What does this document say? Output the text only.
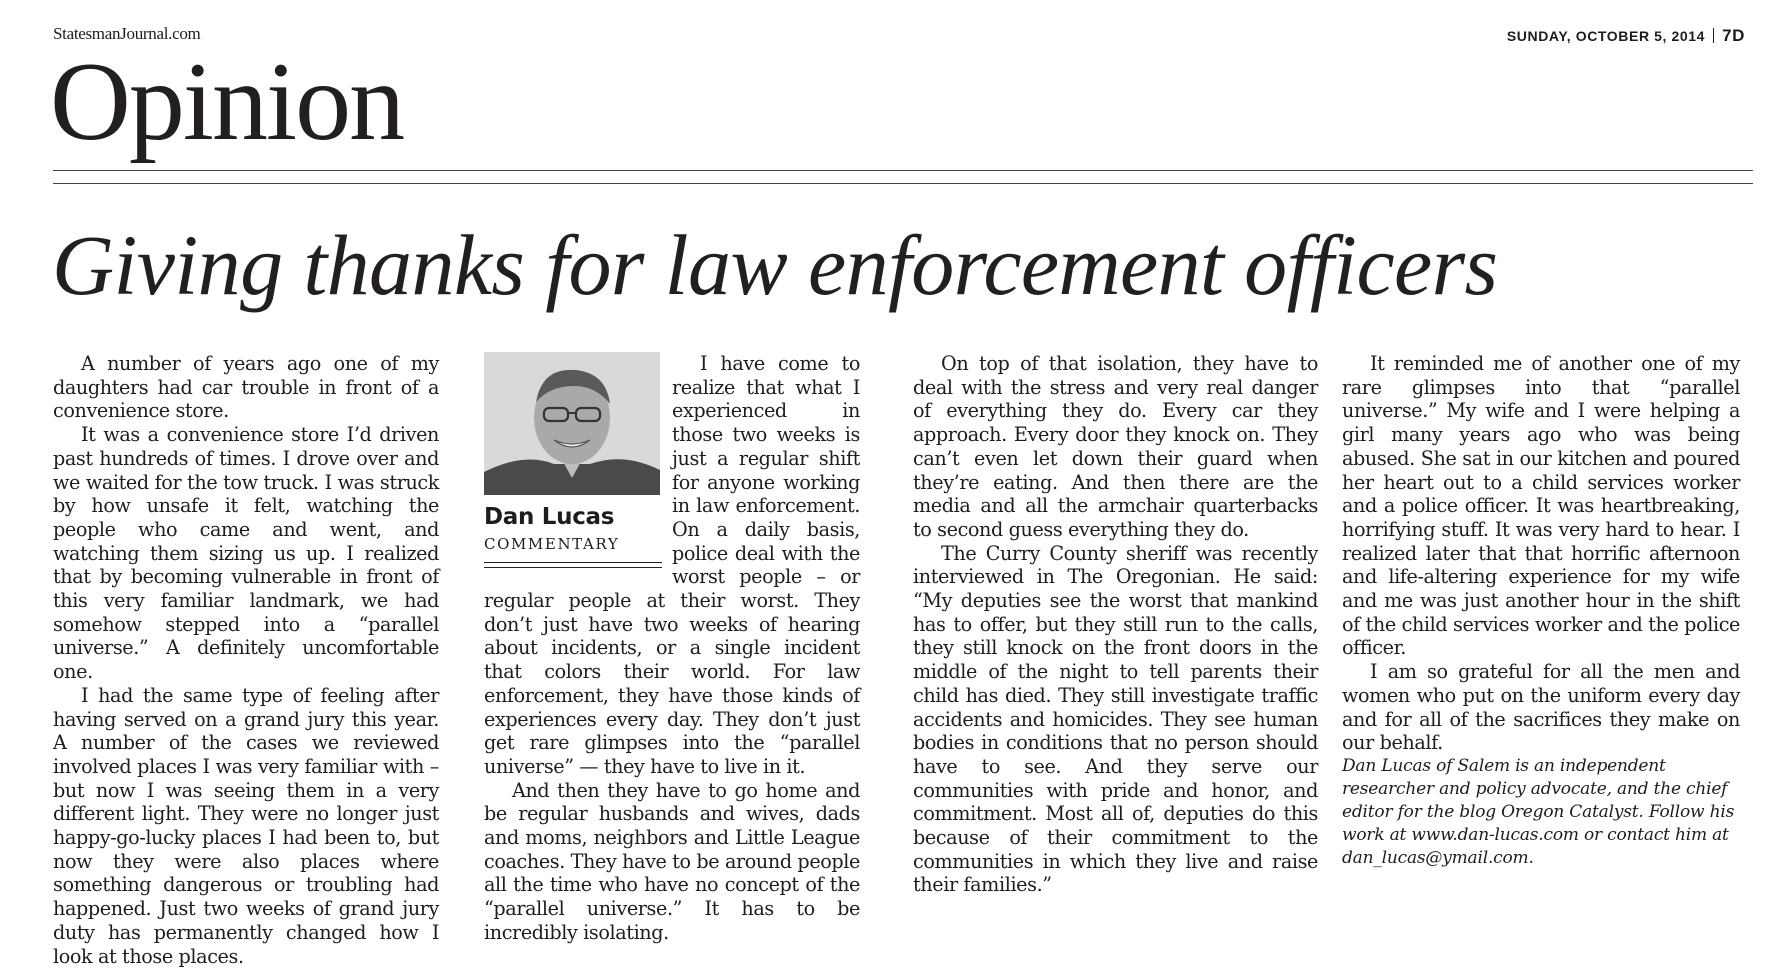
StatesmanJournal.com	SUNDAY, OCTOBER 5, 2014 7D
Opinion
Giving thanks for law enforcement officers

A number of years ago one of my daughters had car trouble in front of a convenience store.

It was a convenience store I’d driven past hundreds of times. I drove over and we waited for the tow truck. I was struck by how unsafe it felt, watching the people who came and went, and watching them sizing us up. I realized that by becoming vulnerable in front of this very familiar landmark, we had somehow stepped into a “parallel universe.” A definitely uncomfortable one.

I had the same type of feeling after having served on a grand jury this year. A number of the cases we reviewed involved places I was very familiar with – but now I was seeing them in a very different light. They were no longer just happy-go-lucky places I had been to, but now they were also places where something dangerous or troubling had happened. Just two weeks of grand jury duty has permanently changed how I look at those places.

Dan Lucas
COMMENTARY

I have come to realize that what I experienced in those two weeks is just a regular shift for anyone working in law enforcement. On a daily basis, police deal with the worst people – or regular people at their worst. They don’t just have two weeks of hearing about incidents, or a single incident that colors their world. For law enforcement, they have those kinds of experiences every day. They don’t just get rare glimpses into the “parallel universe” — they have to live in it.

And then they have to go home and be regular husbands and wives, dads and moms, neighbors and Little League coaches. They have to be around people all the time who have no concept of the “parallel universe.” It has to be incredibly isolating.

On top of that isolation, they have to deal with the stress and very real danger of everything they do. Every car they approach. Every door they knock on. They can’t even let down their guard when they’re eating. And then there are the media and all the armchair quarterbacks to second guess everything they do.

The Curry County sheriff was recently interviewed in The Oregonian. He said: “My deputies see the worst that mankind has to offer, but they still run to the calls, they still knock on the front doors in the middle of the night to tell parents their child has died. They still investigate traffic accidents and homicides. They see human bodies in conditions that no person should have to see. And they serve our communities with pride and honor, and commitment. Most all of, deputies do this because of their commitment to the communities in which they live and raise their families.”

It reminded me of another one of my rare glimpses into that “parallel universe.” My wife and I were helping a girl many years ago who was being abused. She sat in our kitchen and poured her heart out to a child services worker and a police officer. It was heartbreaking, horrifying stuff. It was very hard to hear. I realized later that that horrific afternoon and life-altering experience for my wife and me was just another hour in the shift of the child services worker and the police officer.

I am so grateful for all the men and women who put on the uniform every day and for all of the sacrifices they make on our behalf.

Dan Lucas of Salem is an independent researcher and policy advocate, and the chief editor for the blog Oregon Catalyst. Follow his work at www.dan-lucas.com or contact him at dan_lucas@ymail.com.
